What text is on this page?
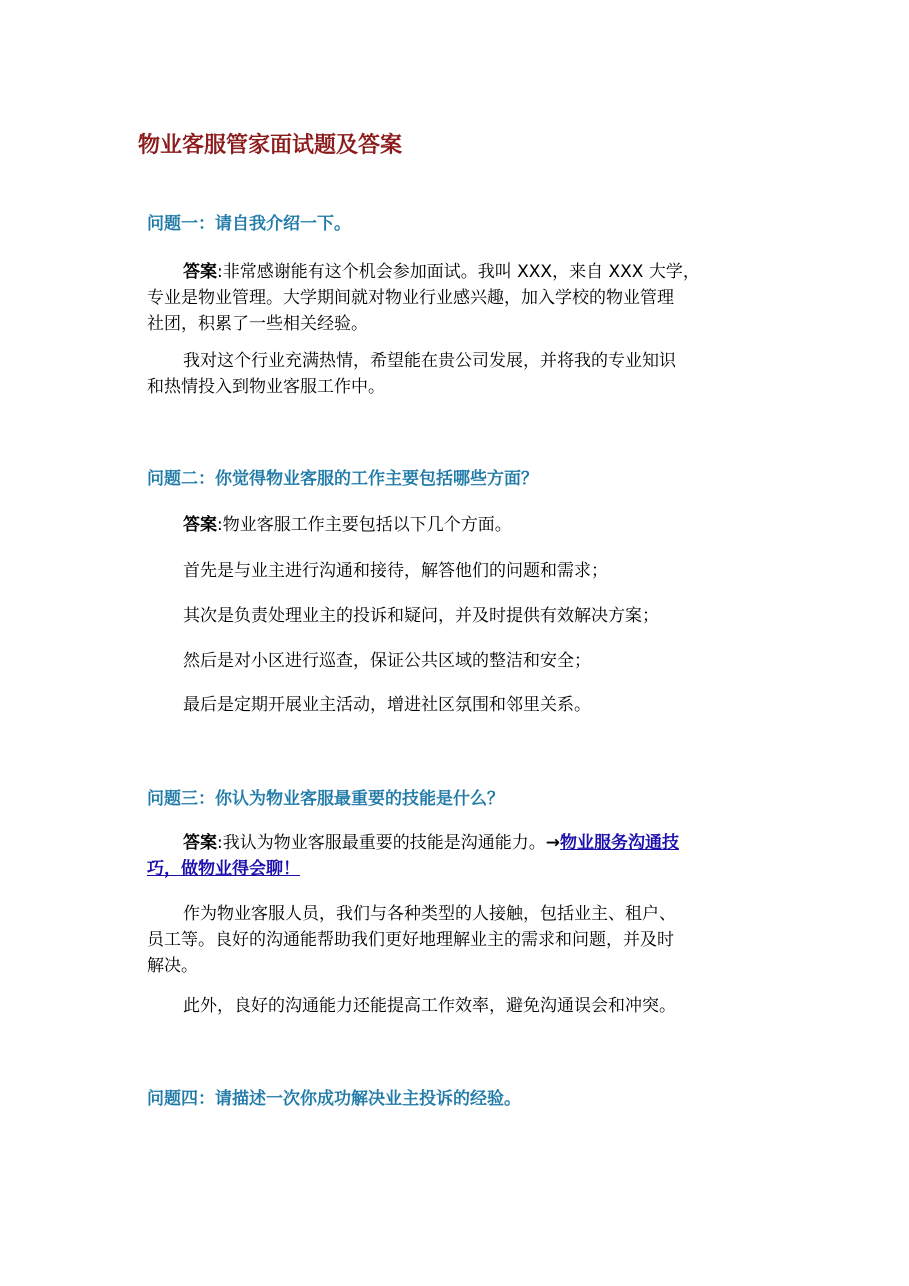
物业客服管家面试题及答案
问题一：请自我介绍一下。

答案:非常感谢能有这个机会参加面试。我叫 XXX，来自 XXX 大学，
专业是物业管理。大学期间就对物业行业感兴趣，加入学校的物业管理
社团，积累了一些相关经验。

我对这个行业充满热情，希望能在贵公司发展，并将我的专业知识
和热情投入到物业客服工作中。

问题二：你觉得物业客服的工作主要包括哪些方面？

答案:物业客服工作主要包括以下几个方面。

首先是与业主进行沟通和接待，解答他们的问题和需求；

其次是负责处理业主的投诉和疑问，并及时提供有效解决方案；

然后是对小区进行巡查，保证公共区域的整洁和安全；

最后是定期开展业主活动，增进社区氛围和邻里关系。

问题三：你认为物业客服最重要的技能是什么？

答案:我认为物业客服最重要的技能是沟通能力。→物业服务沟通技
巧，做物业得会聊！

作为物业客服人员，我们与各种类型的人接触，包括业主、租户、
员工等。良好的沟通能帮助我们更好地理解业主的需求和问题，并及时
解决。

此外，良好的沟通能力还能提高工作效率，避免沟通误会和冲突。

问题四：请描述一次你成功解决业主投诉的经验。
